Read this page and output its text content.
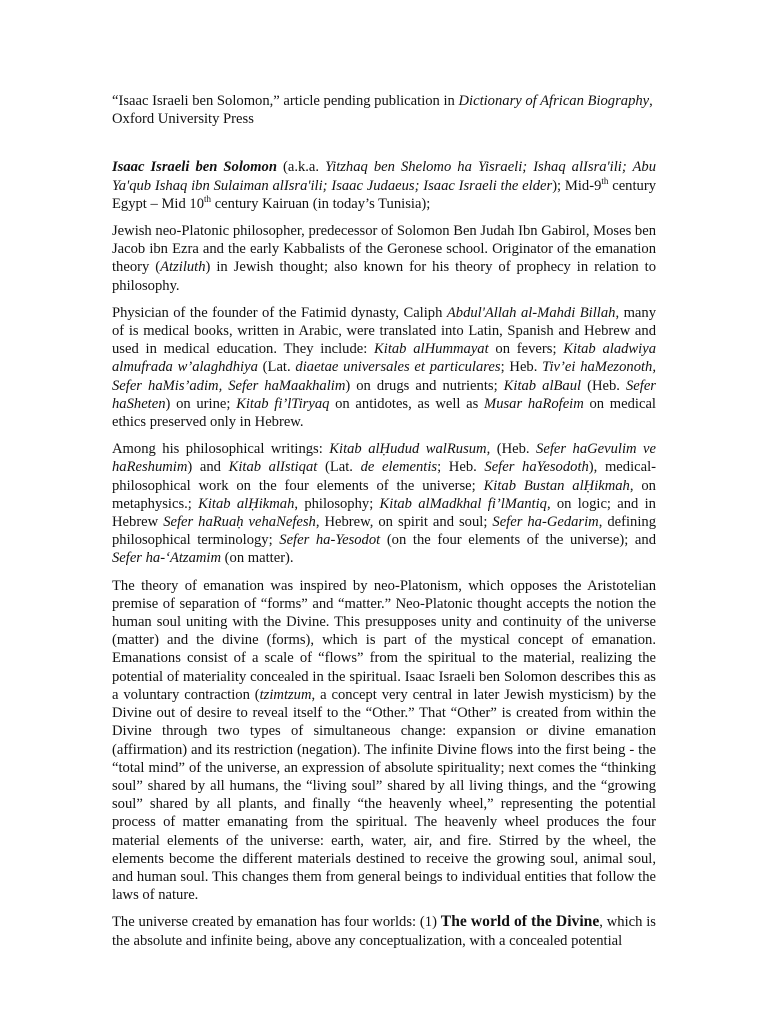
“Isaac Israeli ben Solomon,” article pending publication in Dictionary of African Biography, Oxford University Press

Isaac Israeli ben Solomon (a.k.a. Yitzhaq ben Shelomo ha Yisraeli; Ishaq alIsra'ili; Abu Ya'qub Ishaq ibn Sulaiman alIsra'ili; Isaac Judaeus; Isaac Israeli the elder); Mid-9th century Egypt – Mid 10th century Kairuan (in today’s Tunisia);

Jewish neo-Platonic philosopher, predecessor of Solomon Ben Judah Ibn Gabirol, Moses ben Jacob ibn Ezra and the early Kabbalists of the Geronese school. Originator of the emanation theory (Atziluth) in Jewish thought; also known for his theory of prophecy in relation to philosophy.

Physician of the founder of the Fatimid dynasty, Caliph Abdul'Allah al-Mahdi Billah, many of is medical books, written in Arabic, were translated into Latin, Spanish and Hebrew and used in medical education. They include: Kitab alHummayat on fevers; Kitab aladwiya almufrada w’alaghdhiya (Lat. diaetae universales et particulares; Heb. Tiv’ei haMezonoth, Sefer haMis’adim, Sefer haMaakhalim) on drugs and nutrients; Kitab alBaul (Heb. Sefer haSheten) on urine; Kitab fi’lTiryaq on antidotes, as well as Musar haRofeim on medical ethics preserved only in Hebrew.

Among his philosophical writings: Kitab alḤudud walRusum, (Heb. Sefer haGevulim ve haReshumim) and Kitab alIstiqat (Lat. de elementis; Heb. Sefer haYesodoth), medical-philosophical work on the four elements of the universe; Kitab Bustan alḤikmah, on metaphysics.; Kitab alḤikmah, philosophy; Kitab alMadkhal fi’lMantiq, on logic; and in Hebrew Sefer haRuaḥ vehaNefesh, Hebrew, on spirit and soul; Sefer ha-Gedarim, defining philosophical terminology; Sefer ha-Yesodot (on the four elements of the universe); and Sefer ha-‘Atzamim (on matter).

The theory of emanation was inspired by neo-Platonism, which opposes the Aristotelian premise of separation of “forms” and “matter.” Neo-Platonic thought accepts the notion the human soul uniting with the Divine. This presupposes unity and continuity of the universe (matter) and the divine (forms), which is part of the mystical concept of emanation. Emanations consist of a scale of “flows” from the spiritual to the material, realizing the potential of materiality concealed in the spiritual. Isaac Israeli ben Solomon describes this as a voluntary contraction (tzimtzum, a concept very central in later Jewish mysticism) by the Divine out of desire to reveal itself to the “Other.” That “Other” is created from within the Divine through two types of simultaneous change: expansion or divine emanation (affirmation) and its restriction (negation). The infinite Divine flows into the first being - the “total mind” of the universe, an expression of absolute spirituality; next comes the “thinking soul” shared by all humans, the “living soul” shared by all living things, and the “growing soul” shared by all plants, and finally “the heavenly wheel,” representing the potential process of matter emanating from the spiritual. The heavenly wheel produces the four material elements of the universe: earth, water, air, and fire. Stirred by the wheel, the elements become the different materials destined to receive the growing soul, animal soul, and human soul. This changes them from general beings to individual entities that follow the laws of nature.

The universe created by emanation has four worlds: (1) The world of the Divine, which is the absolute and infinite being, above any conceptualization, with a concealed potential
